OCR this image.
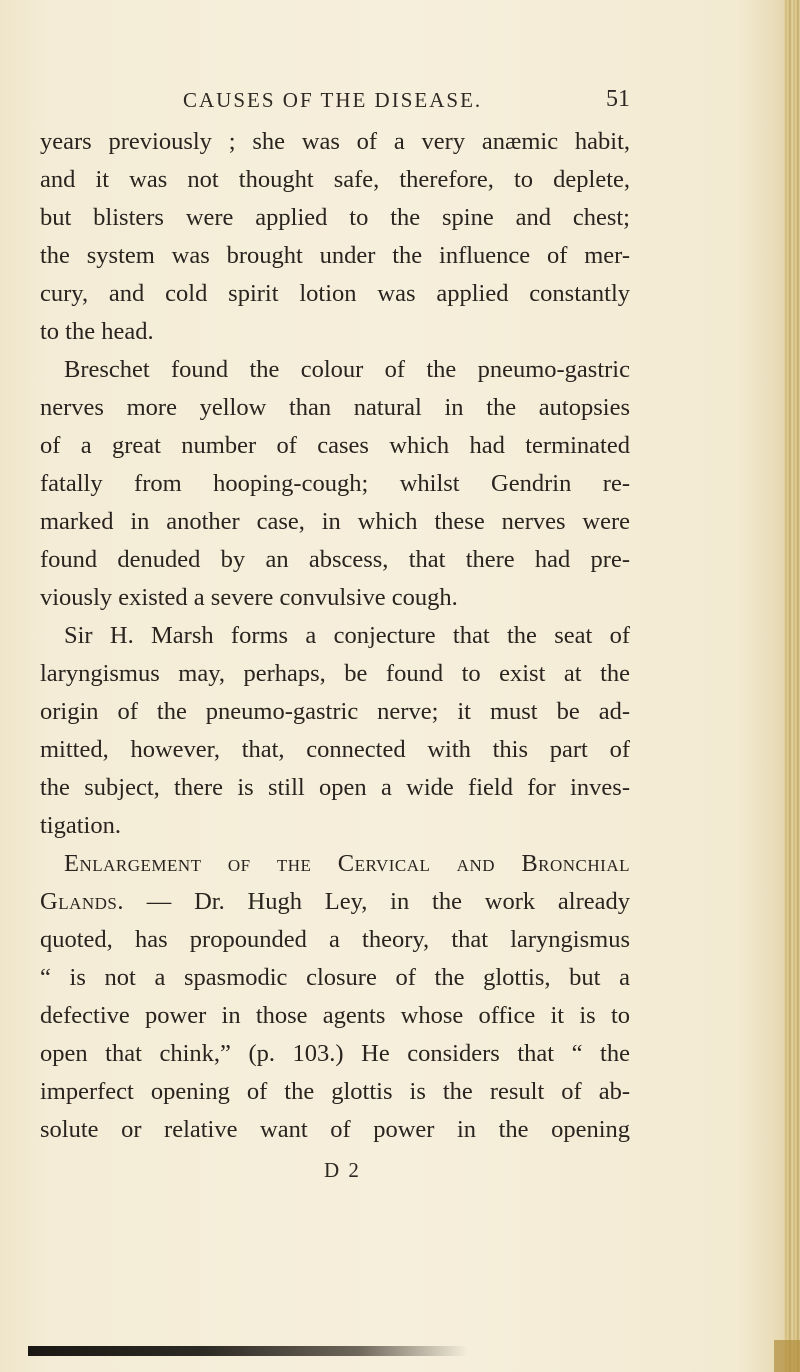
CAUSES OF THE DISEASE.	51
years previously ; she was of a very anæmic habit,
and it was not thought safe, therefore, to deplete,
but blisters were applied to the spine and chest;
the system was brought under the influence of mer-
cury, and cold spirit lotion was applied constantly
to the head.
Breschet found the colour of the pneumo-gastric
nerves more yellow than natural in the autopsies
of a great number of cases which had terminated
fatally from hooping-cough; whilst Gendrin re-
marked in another case, in which these nerves were
found denuded by an abscess, that there had pre-
viously existed a severe convulsive cough.
Sir H. Marsh forms a conjecture that the seat of
laryngismus may, perhaps, be found to exist at the
origin of the pneumo-gastric nerve; it must be ad-
mitted, however, that, connected with this part of
the subject, there is still open a wide field for inves-
tigation.
Enlargement of the Cervical and Bronchial
Glands. — Dr. Hugh Ley, in the work already
quoted, has propounded a theory, that laryngismus
“ is not a spasmodic closure of the glottis, but a
defective power in those agents whose office it is to
open that chink,” (p. 103.) He considers that “ the
imperfect opening of the glottis is the result of ab-
solute or relative want of power in the opening
D 2
